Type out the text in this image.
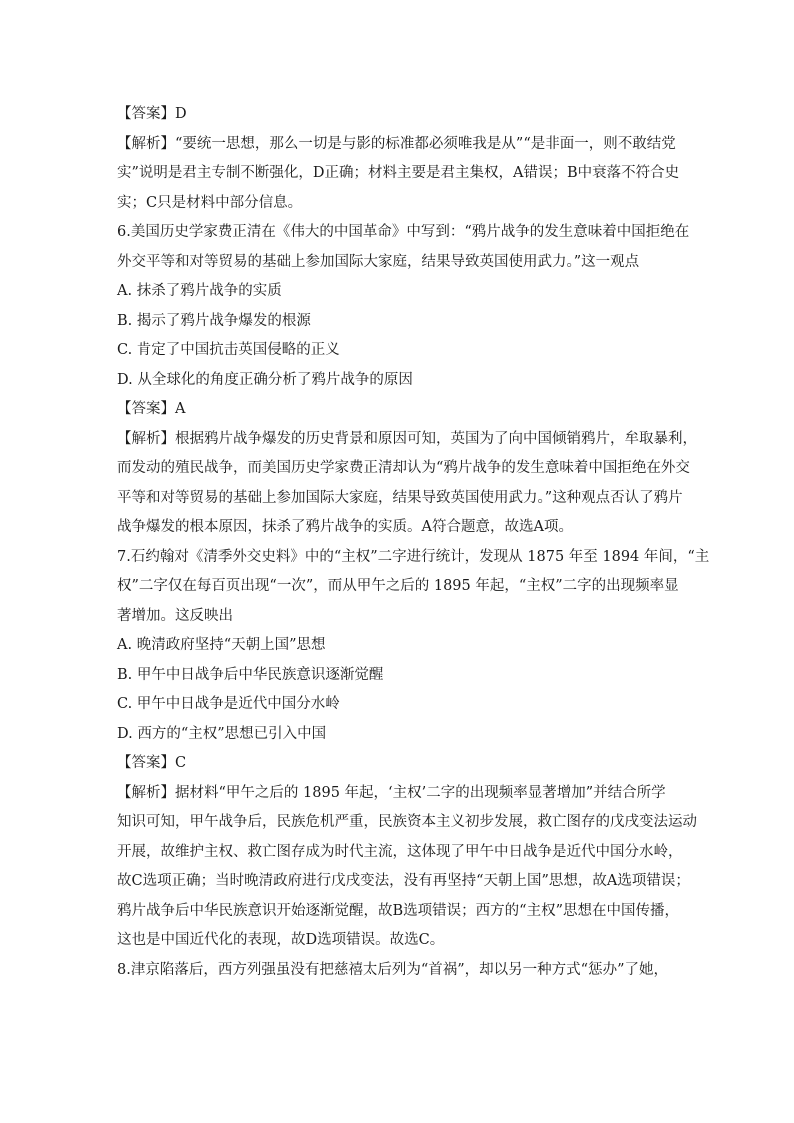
【答案】D
【解析】“要统一思想，那么一切是与影的标准都必须唯我是从”“是非面一，则不敢结党
实”说明是君主专制不断强化，D正确；材料主要是君主集权，A错误；B中衰落不符合史
实；C只是材料中部分信息。
6.美国历史学家费正清在《伟大的中国革命》中写到：“鸦片战争的发生意味着中国拒绝在
外交平等和对等贸易的基础上参加国际大家庭，结果导致英国使用武力。”这一观点
A. 抹杀了鸦片战争的实质
B. 揭示了鸦片战争爆发的根源
C. 肯定了中国抗击英国侵略的正义
D. 从全球化的角度正确分析了鸦片战争的原因
【答案】A
【解析】根据鸦片战争爆发的历史背景和原因可知，英国为了向中国倾销鸦片，牟取暴利，
而发动的殖民战争，而美国历史学家费正清却认为“鸦片战争的发生意味着中国拒绝在外交
平等和对等贸易的基础上参加国际大家庭，结果导致英国使用武力。”这种观点否认了鸦片
战争爆发的根本原因，抹杀了鸦片战争的实质。A符合题意，故选A项。
7.石约翰对《清季外交史料》中的“主权”二字进行统计，发现从 1875 年至 1894 年间，“主
权”二字仅在每百页出现“一次”，而从甲午之后的 1895 年起，“主权”二字的出现频率显
著增加。这反映出
A. 晚清政府坚持“天朝上国”思想
B. 甲午中日战争后中华民族意识逐渐觉醒
C. 甲午中日战争是近代中国分水岭
D. 西方的“主权”思想已引入中国
【答案】C
【解析】据材料“甲午之后的 1895 年起，‘主权’二字的出现频率显著增加”并结合所学
知识可知，甲午战争后，民族危机严重，民族资本主义初步发展，救亡图存的戊戌变法运动
开展，故维护主权、救亡图存成为时代主流，这体现了甲午中日战争是近代中国分水岭，
故C选项正确；当时晚清政府进行戊戌变法，没有再坚持“天朝上国”思想，故A选项错误；
鸦片战争后中华民族意识开始逐渐觉醒，故B选项错误；西方的“主权”思想在中国传播，
这也是中国近代化的表现，故D选项错误。故选C。
8.津京陷落后，西方列强虽没有把慈禧太后列为“首祸”，却以另一种方式“惩办”了她，
